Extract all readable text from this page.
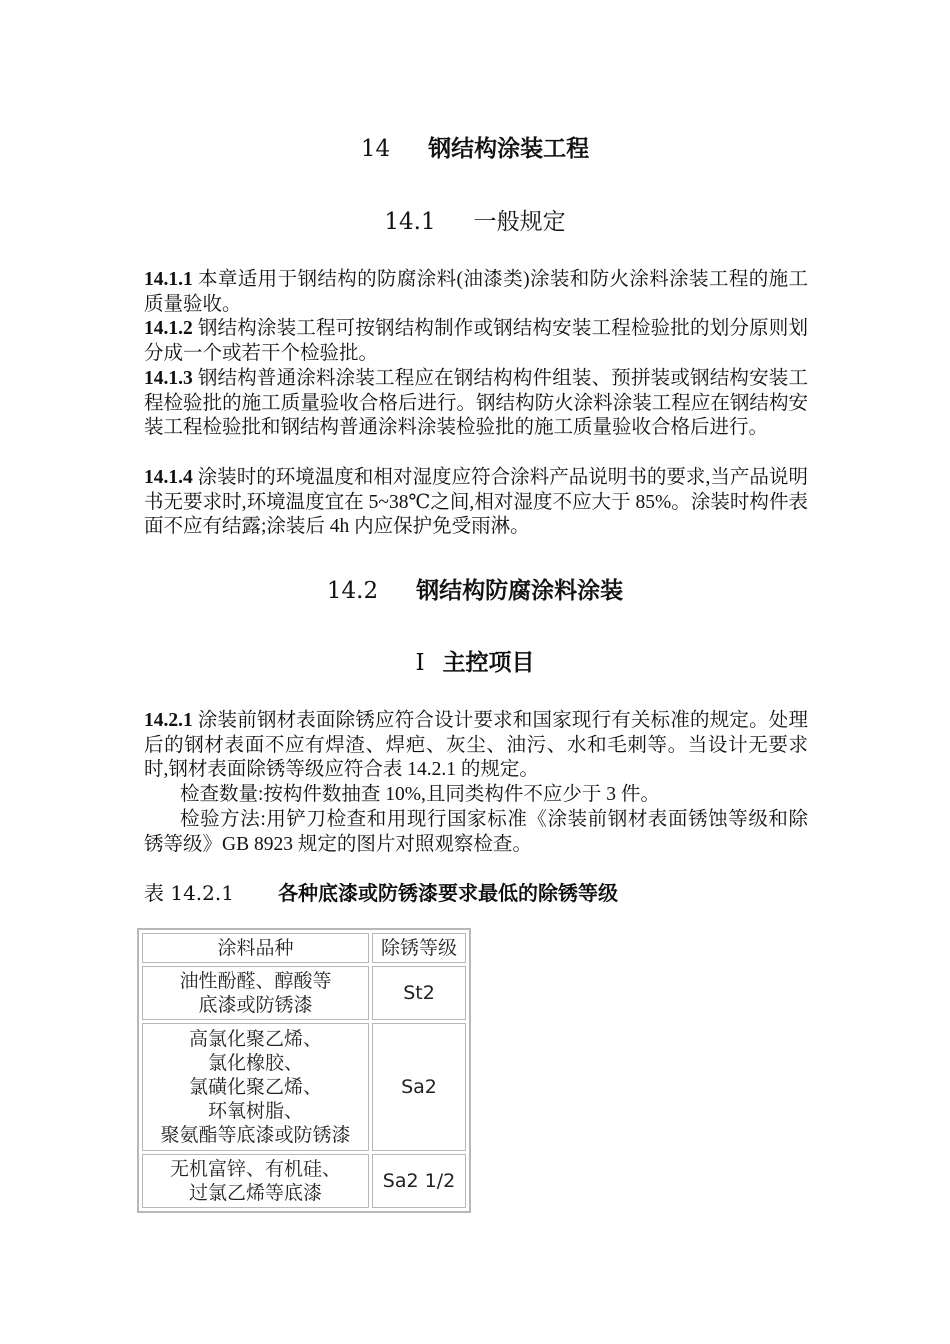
14 钢结构涂装工程
14.1 一般规定
14.1.1 本章适用于钢结构的防腐涂料(油漆类)涂装和防火涂料涂装工程的施工质量验收。
14.1.2 钢结构涂装工程可按钢结构制作或钢结构安装工程检验批的划分原则划分成一个或若干个检验批。
14.1.3 钢结构普通涂料涂装工程应在钢结构构件组装、预拼装或钢结构安装工程检验批的施工质量验收合格后进行。钢结构防火涂料涂装工程应在钢结构安装工程检验批和钢结构普通涂料涂装检验批的施工质量验收合格后进行。
14.1.4 涂装时的环境温度和相对湿度应符合涂料产品说明书的要求,当产品说明书无要求时,环境温度宜在 5~38℃之间,相对湿度不应大于 85%。涂装时构件表面不应有结露;涂装后 4h 内应保护免受雨淋。
14.2 钢结构防腐涂料涂装
Ⅰ 主控项目
14.2.1 涂装前钢材表面除锈应符合设计要求和国家现行有关标准的规定。处理后的钢材表面不应有焊渣、焊疤、灰尘、油污、水和毛刺等。当设计无要求时,钢材表面除锈等级应符合表 14.2.1 的规定。
检查数量:按构件数抽查 10%,且同类构件不应少于 3 件。
检验方法:用铲刀检查和用现行国家标准《涂装前钢材表面锈蚀等级和除锈等级》GB 8923 规定的图片对照观察检查。
表 14.2.1 各种底漆或防锈漆要求最低的除锈等级
涂料品种	除锈等级

油性酚醛、醇酸等
底漆或防锈漆	St2

高氯化聚乙烯、
氯化橡胶、
氯磺化聚乙烯、
环氧树脂、
聚氨酯等底漆或防锈漆	Sa2

无机富锌、有机硅、
过氯乙烯等底漆	Sa2 1/2
